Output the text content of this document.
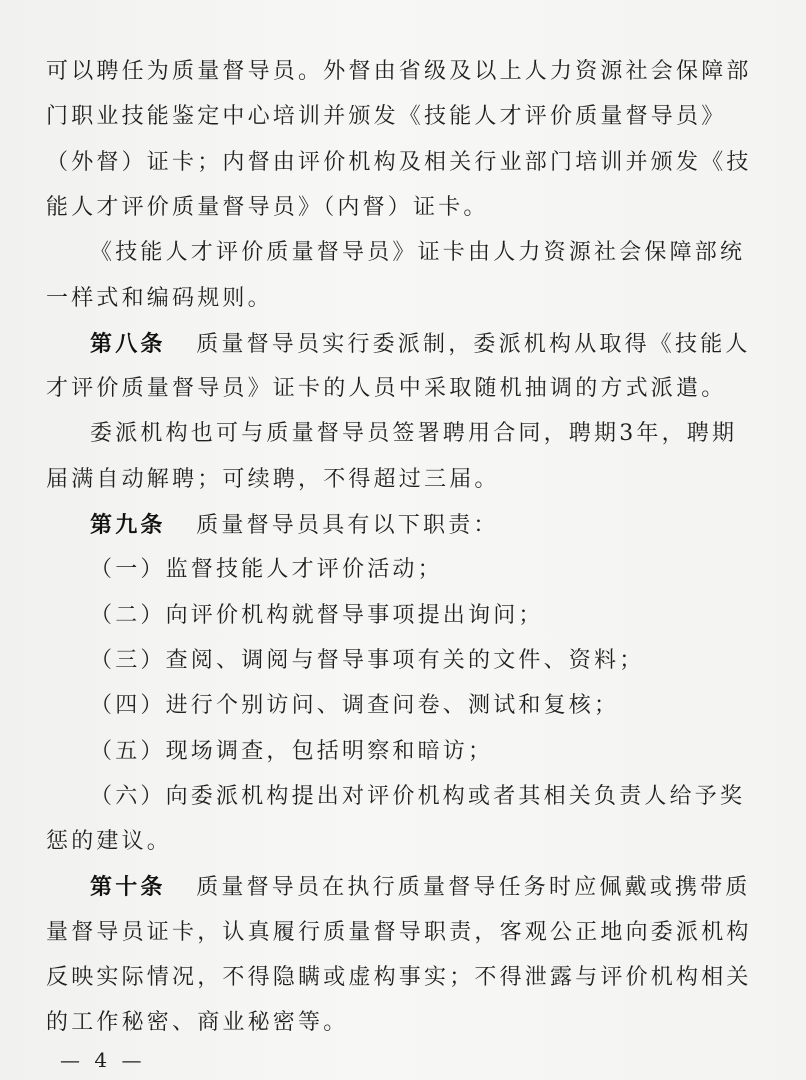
可以聘任为质量督导员。外督由省级及以上人力资源社会保障部
门职业技能鉴定中心培训并颁发《技能人才评价质量督导员》
（外督）证卡；内督由评价机构及相关行业部门培训并颁发《技
能人才评价质量督导员》（内督）证卡。
《技能人才评价质量督导员》证卡由人力资源社会保障部统
一样式和编码规则。
第八条 质量督导员实行委派制，委派机构从取得《技能人
才评价质量督导员》证卡的人员中采取随机抽调的方式派遣。
委派机构也可与质量督导员签署聘用合同，聘期3年，聘期
届满自动解聘；可续聘，不得超过三届。
第九条 质量督导员具有以下职责：
（一）监督技能人才评价活动；
（二）向评价机构就督导事项提出询问；
（三）查阅、调阅与督导事项有关的文件、资料；
（四）进行个别访问、调查问卷、测试和复核；
（五）现场调查，包括明察和暗访；
（六）向委派机构提出对评价机构或者其相关负责人给予奖
惩的建议。
第十条 质量督导员在执行质量督导任务时应佩戴或携带质
— 4 —
量督导员证卡，认真履行质量督导职责，客观公正地向委派机构
反映实际情况，不得隐瞒或虚构事实；不得泄露与评价机构相关
的工作秘密、商业秘密等。
